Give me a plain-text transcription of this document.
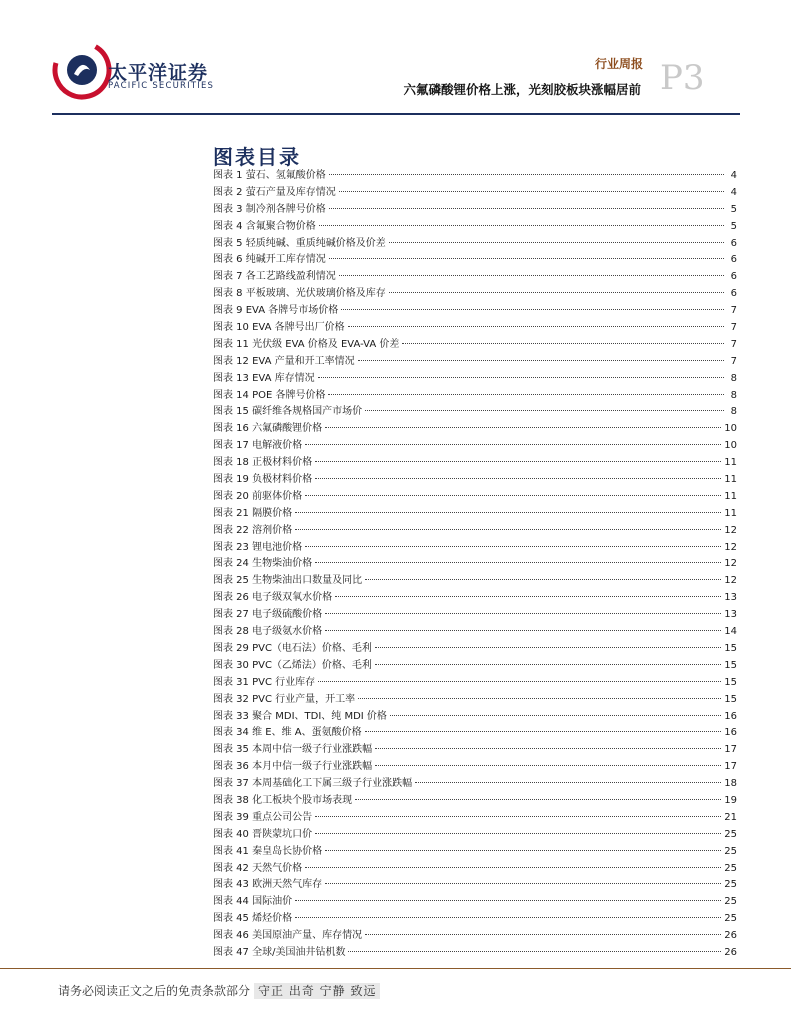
太平洋证券
PACIFIC SECURITIES
行业周报 P3
六氟磷酸锂价格上涨，光刻胶板块涨幅居前
图表目录
图表 1 萤石、氢氟酸价格	4
图表 2 萤石产量及库存情况	4
图表 3 制冷剂各牌号价格	5
图表 4 含氟聚合物价格	5
图表 5 轻质纯碱、重质纯碱价格及价差	6
图表 6 纯碱开工库存情况	6
图表 7 各工艺路线盈利情况	6
图表 8 平板玻璃、光伏玻璃价格及库存	6
图表 9 EVA 各牌号市场价格	7
图表 10 EVA 各牌号出厂价格	7
图表 11 光伏级 EVA 价格及 EVA-VA 价差	7
图表 12 EVA 产量和开工率情况	7
图表 13 EVA 库存情况	8
图表 14 POE 各牌号价格	8
图表 15 碳纤维各规格国产市场价	8
图表 16 六氟磷酸锂价格	10
图表 17 电解液价格	10
图表 18 正极材料价格	11
图表 19 负极材料价格	11
图表 20 前驱体价格	11
图表 21 隔膜价格	11
图表 22 溶剂价格	12
图表 23 锂电池价格	12
图表 24 生物柴油价格	12
图表 25 生物柴油出口数量及同比	12
图表 26 电子级双氧水价格	13
图表 27 电子级硫酸价格	13
图表 28 电子级氨水价格	14
图表 29 PVC（电石法）价格、毛利	15
图表 30 PVC（乙烯法）价格、毛利	15
图表 31 PVC 行业库存	15
图表 32 PVC 行业产量，开工率	15
图表 33 聚合 MDI、TDI、纯 MDI 价格	16
图表 34 维 E、维 A、蛋氨酸价格	16
图表 35 本周中信一级子行业涨跌幅	17
图表 36 本月中信一级子行业涨跌幅	17
图表 37 本周基础化工下属三级子行业涨跌幅	18
图表 38 化工板块个股市场表现	19
图表 39 重点公司公告	21
图表 40 晋陕蒙坑口价	25
图表 41 秦皇岛长协价格	25
图表 42 天然气价格	25
图表 43 欧洲天然气库存	25
图表 44 国际油价	25
图表 45 烯烃价格	25
图表 46 美国原油产量、库存情况	26
图表 47 全球/美国油井钻机数	26
请务必阅读正文之后的免责条款部分 守正 出奇 宁静 致远
